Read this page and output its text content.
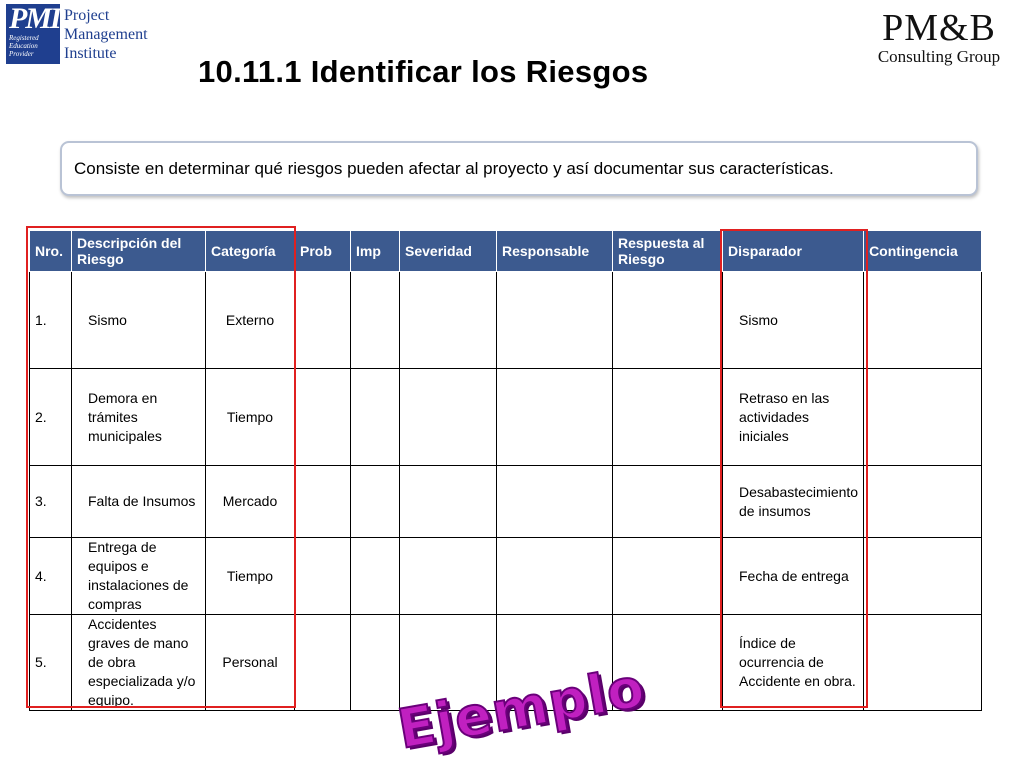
PMI
Registered
Education
Provider
Project
Management
Institute
PM&B
Consulting Group
10.11.1 Identificar los Riesgos
Consiste en determinar qué riesgos pueden afectar al proyecto y así documentar sus características.
Nro.	Descripción del Riesgo	Categoría	Prob	Imp	Severidad	Responsable	Respuesta al Riesgo	Disparador	Contingencia
1.	Sismo	Externo						Sismo	
2.	Demora en trámites municipales	Tiempo						Retraso en las actividades iniciales	
3.	Falta de Insumos	Mercado						Desabastecimiento de insumos	
4.	Entrega de equipos e instalaciones de compras	Tiempo						Fecha de entrega	
5.	Accidentes graves de mano de obra especializada y/o equipo.	Personal						Índice de ocurrencia de Accidente en obra.	
Ejemplo
